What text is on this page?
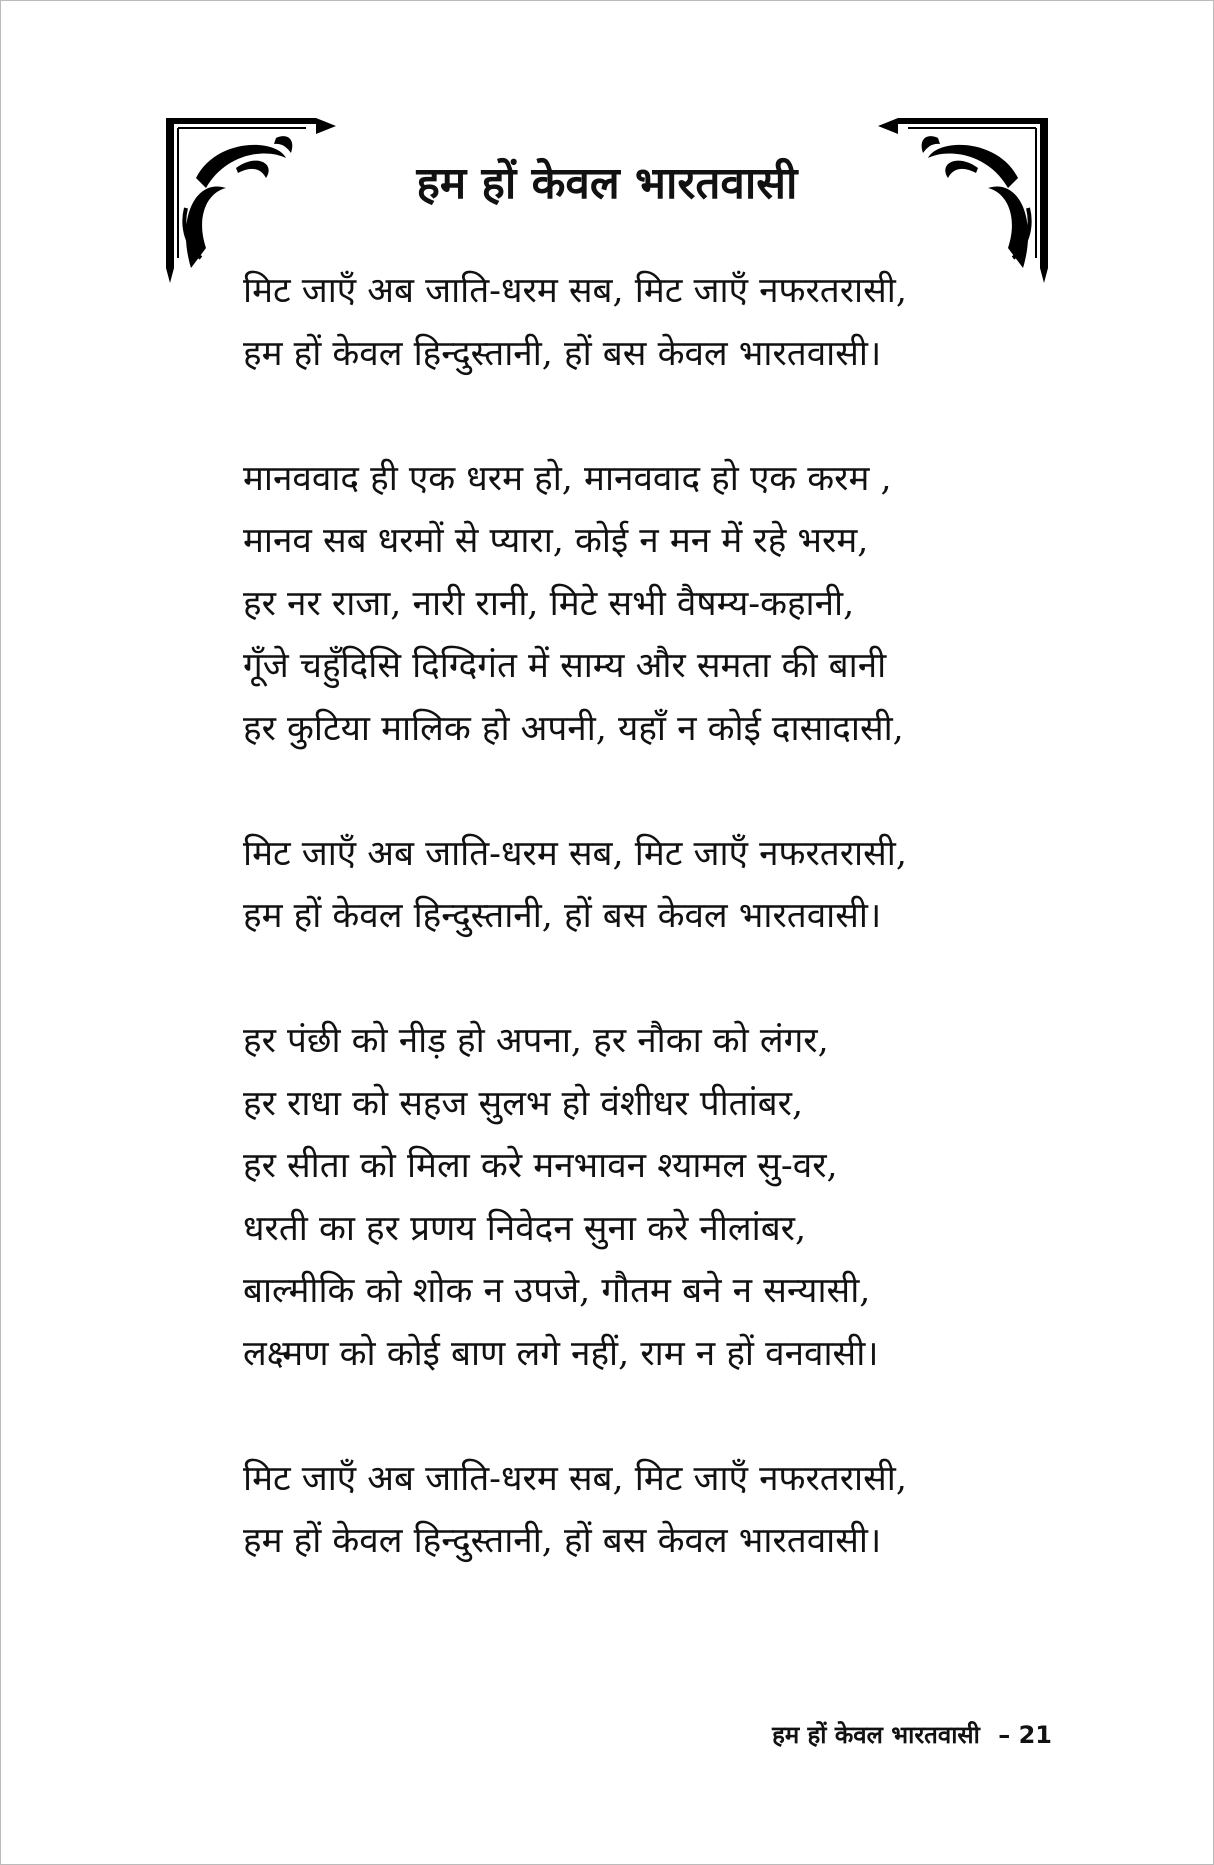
हम हों केवल भारतवासी
मिट जाएँ अब जाति-धरम सब, मिट जाएँ नफरतरासी,
हम हों केवल हिन्दुस्तानी, हों बस केवल भारतवासी।
मानववाद ही एक धरम हो, मानववाद हो एक करम ,
मानव सब धरमों से प्यारा, कोई न मन में रहे भरम,
हर नर राजा, नारी रानी, मिटे सभी वैषम्य-कहानी,
गूँजे चहुँदिसि दिग्दिगंत में साम्य और समता की बानी
हर कुटिया मालिक हो अपनी, यहाँ न कोई दासादासी,
मिट जाएँ अब जाति-धरम सब, मिट जाएँ नफरतरासी,
हम हों केवल हिन्दुस्तानी, हों बस केवल भारतवासी।
हर पंछी को नीड़ हो अपना, हर नौका को लंगर,
हर राधा को सहज सुलभ हो वंशीधर पीतांबर,
हर सीता को मिला करे मनभावन श्यामल सु-वर,
धरती का हर प्रणय निवेदन सुना करे नीलांबर,
बाल्मीकि को शोक न उपजे, गौतम बने न सन्यासी,
लक्ष्मण को कोई बाण लगे नहीं, राम न हों वनवासी।
मिट जाएँ अब जाति-धरम सब, मिट जाएँ नफरतरासी,
हम हों केवल हिन्दुस्तानी, हों बस केवल भारतवासी।
हम हों केवल भारतवासी – 21
